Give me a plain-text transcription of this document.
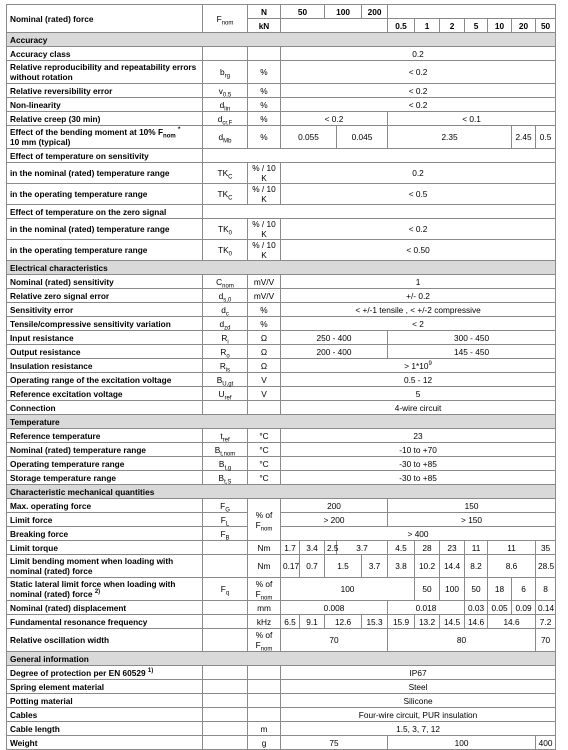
Nominal (rated) force	$F_{nom}$	N	50		100		200							
		kN						0.5	1	2	5	10	20	50
Accuracy														
Accuracy class			0.2											
Relative reproducibility and repeatability errors without rotation	$b_{rg}$	%	< 0.2											
Relative reversibility error	$v_{0.5}$	%	< 0.2											
Non-linearity	$d_{lin}$	%	< 0.2											
Relative creep (30 min)	$d_{cr,F}$	%	< 0.2					< 0.1						
Effect of the bending moment at 10% $F_{nom}$ *
10 mm (typical)	$d_{Mb}$	%	0.055			0.045		2.35					2.45	0.5
Effect of temperature on sensitivity														
in the nominal (rated) temperature range	$TK_C$	% / 10 K	0.2											
in the operating temperature range	$TK_C$	% / 10 K	< 0.5											
Effect of temperature on the zero signal														
in the nominal (rated) temperature range	$TK_0$	% / 10 K	< 0.2											
in the operating temperature range	$TK_0$	% / 10 K	< 0.50											
Electrical characteristics														
Nominal (rated) sensitivity	$C_{nom}$	mV/V	1											
Relative zero signal error	$d_{s,0}$	mV/V	+/- 0.2											
Sensitivity error	$d_c$	%	< +/-1 tensile , < +/-2 compressive											
Tensile/compressive sensitivity variation	$d_{zd}$	%	< 2											
Input resistance	$R_i$	Ω	250 - 400					300 - 450						
Output resistance	$R_o$	Ω	200 - 400					145 - 450						
Insulation resistance	$R_{is}$	Ω	> $1*10^9$
Operating range of the excitation voltage	$B_{U,gt}$	V	0.5 - 12											
Reference excitation voltage	$U_{ref}$	V	5											
Connection			4-wire circuit											
Temperature														
Reference temperature	$t_{ref}$	°C	23											
Nominal (rated) temperature range	$B_{t,nom}$	°C	-10 to +70											
Operating temperature range	$B_{t,g}$	°C	-30 to +85											
Storage temperature range	$B_{t,S}$	°C	-30 to +85											
Characteristic mechanical quantities														
Max. operating force	$F_G$	% of
$F_{nom}$	200					150						
Limit force	$F_L$		> 200					> 150						
Breaking force	$F_B$		> 400											
Limit torque		Nm	1.7	3.4	2.5	3.7		4.5	28	23	11	11		35
Limit bending moment when loading with nominal (rated) force		Nm	0.17	0.7	1.5		3.7	3.8	10.2	14.4	8.2	8.6		28.5
Static lateral limit force when loading with nominal (rated) force $^{2)}$	$F_q$	% of
$F_{nom}$	100						50	100	50	18	6	8
Nominal (rated) displacement		mm	0.008					0.018			0.03	0.05	0.09	0.14
Fundamental resonance frequency		kHz	6.5	9.1	12.6		15.3	15.9	13.2	14.5	14.6	14.6		7.2
Relative oscillation width		% of
$F_{nom}$	70					80						70
General information														
Degree of protection per EN 60529 $^{1)}$			IP67											
Spring element material			Steel											
Potting material			Silicone											
Cables			Four-wire circuit, PUR insulation											
Cable length		m	1.5, 3, 7, 12											
Weight		g	75					100						400
